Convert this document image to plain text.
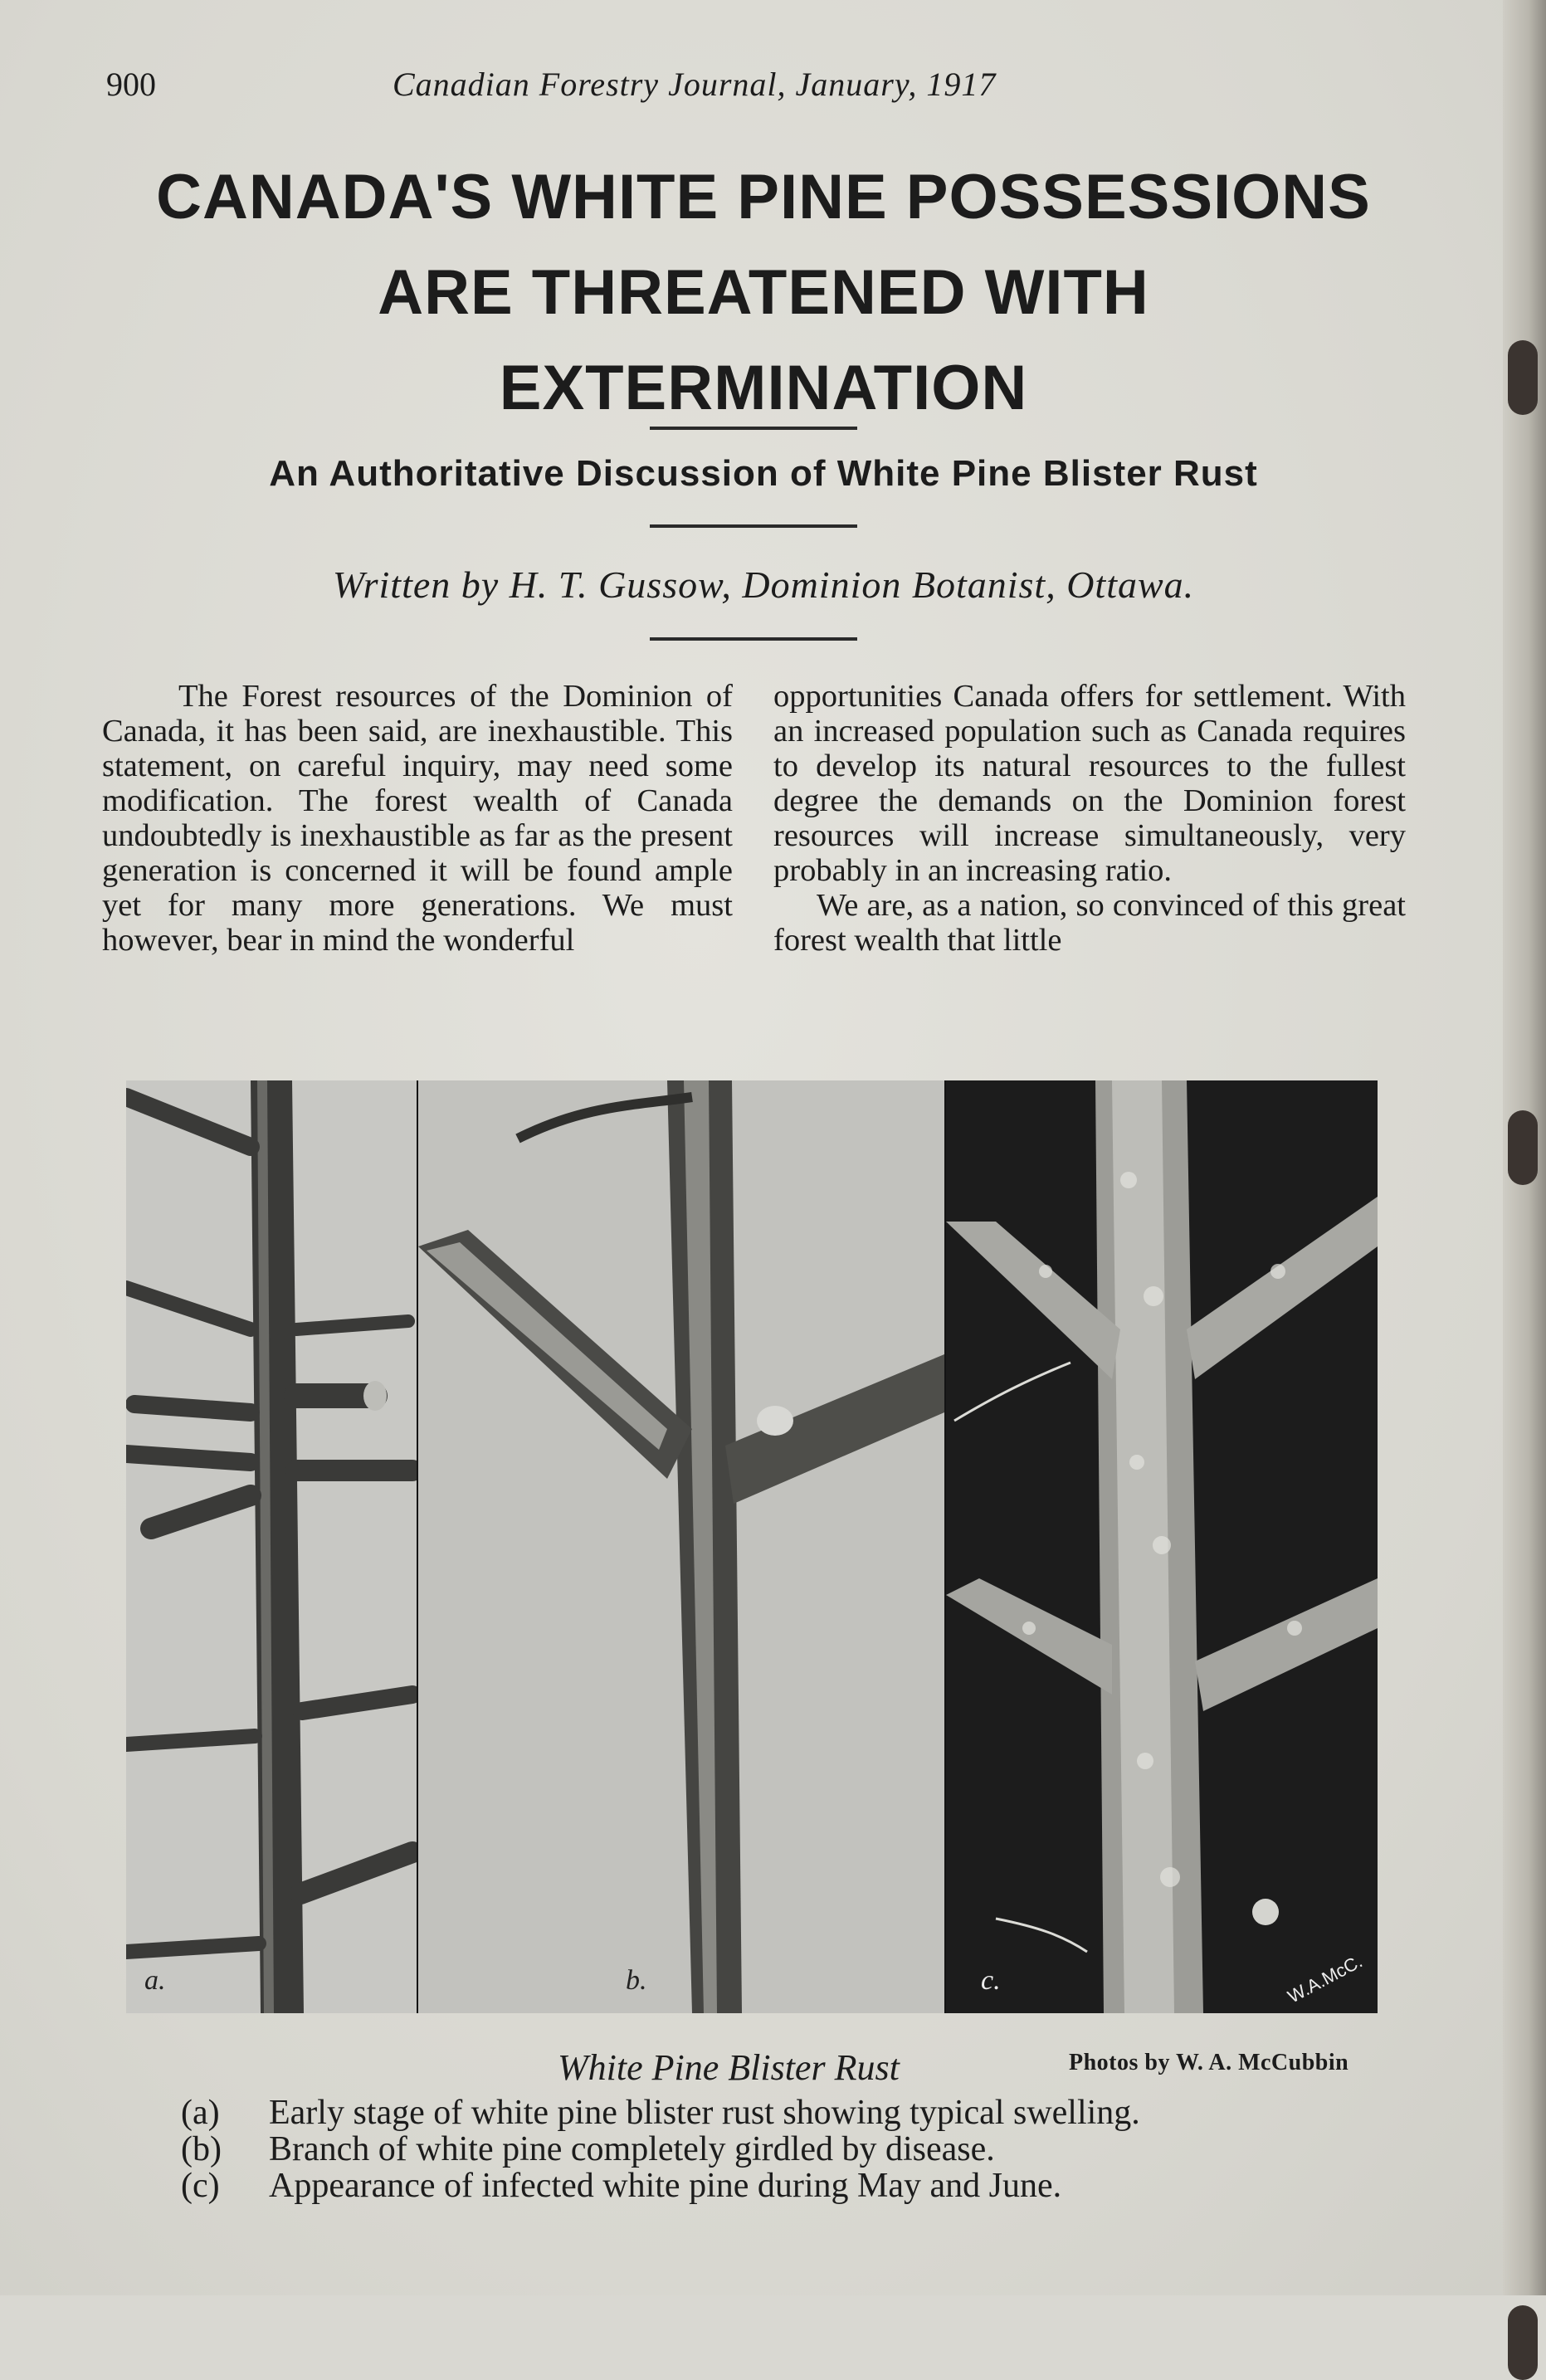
900	Canadian Forestry Journal, January, 1917
CANADA'S WHITE PINE POSSESSIONS
ARE THREATENED WITH
EXTERMINATION
An Authoritative Discussion of White Pine Blister Rust
Written by H. T. Gussow, Dominion Botanist, Ottawa.

The Forest resources of the Dominion of Canada, it has been said, are inexhaustible. This statement, on careful inquiry, may need some modification. The forest wealth of Canada undoubtedly is inexhaustible as far as the present generation is concerned it will be found ample yet for many more generations. We must however, bear in mind the wonderful

opportunities Canada offers for settlement. With an increased population such as Canada requires to develop its natural resources to the fullest degree the demands on the Dominion forest resources will increase simultaneously, very probably in an increasing ratio.

We are, as a nation, so convinced of this great forest wealth that little

a.	b.	c.	W.A.McC.
White Pine Blister Rust	Photos by W. A. McCubbin
(a) Early stage of white pine blister rust showing typical swelling.
(b) Branch of white pine completely girdled by disease.
(c) Appearance of infected white pine during May and June.
